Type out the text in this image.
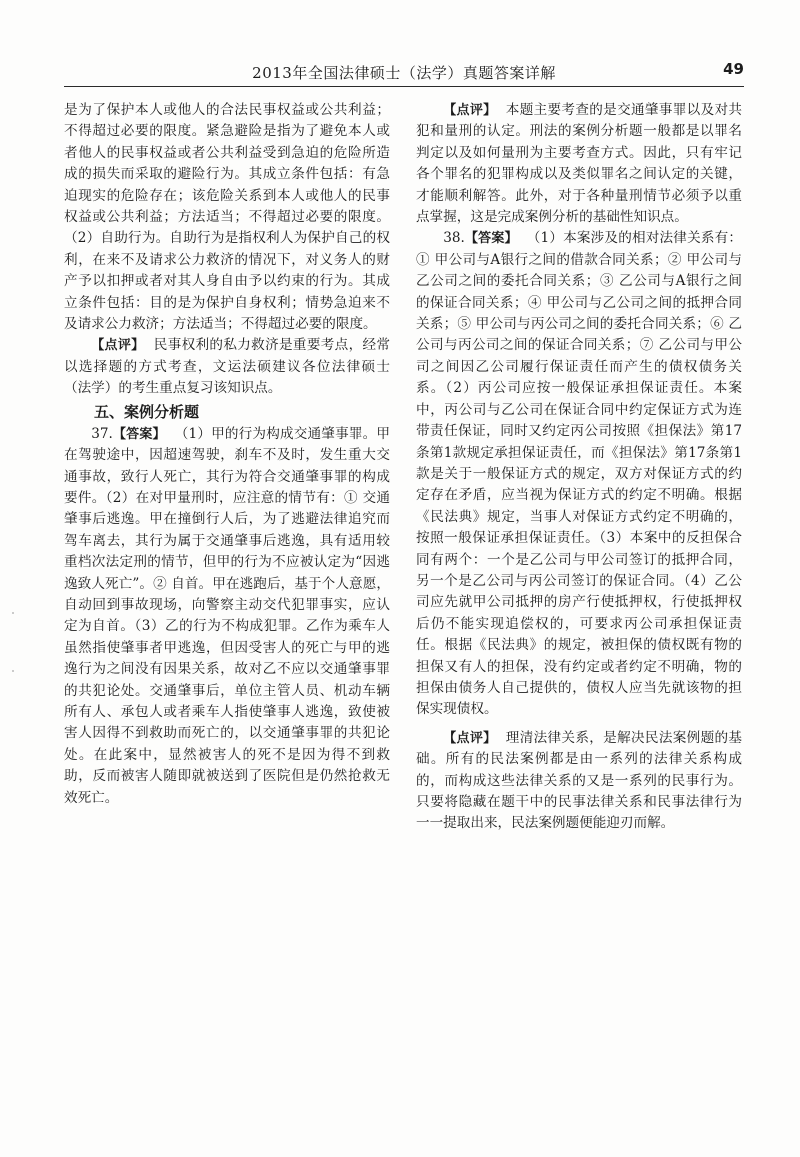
2013年全国法律硕士（法学）真题答案详解	49

是为了保护本人或他人的合法民事权益或公共利益；不得超过必要的限度。紧急避险是指为了避免本人或者他人的民事权益或者公共利益受到急迫的危险所造成的损失而采取的避险行为。其成立条件包括：有急迫现实的危险存在；该危险关系到本人或他人的民事权益或公共利益；方法适当；不得超过必要的限度。（2）自助行为。自助行为是指权利人为保护自己的权利，在来不及请求公力救济的情况下，对义务人的财产予以扣押或者对其人身自由予以约束的行为。其成立条件包括：目的是为保护自身权利；情势急迫来不及请求公力救济；方法适当；不得超过必要的限度。

【点评】 民事权利的私力救济是重要考点，经常以选择题的方式考查，文运法硕建议各位法律硕士（法学）的考生重点复习该知识点。

五、案例分析题

37.【答案】 （1）甲的行为构成交通肇事罪。甲在驾驶途中，因超速驾驶，刹车不及时，发生重大交通事故，致行人死亡，其行为符合交通肇事罪的构成要件。（2）在对甲量刑时，应注意的情节有：① 交通肇事后逃逸。甲在撞倒行人后，为了逃避法律追究而驾车离去，其行为属于交通肇事后逃逸，具有适用较重档次法定刑的情节，但甲的行为不应被认定为“因逃逸致人死亡”。② 自首。甲在逃跑后，基于个人意愿，自动回到事故现场，向警察主动交代犯罪事实，应认定为自首。（3）乙的行为不构成犯罪。乙作为乘车人虽然指使肇事者甲逃逸，但因受害人的死亡与甲的逃逸行为之间没有因果关系，故对乙不应以交通肇事罪的共犯论处。交通肇事后，单位主管人员、机动车辆所有人、承包人或者乘车人指使肇事人逃逸，致使被害人因得不到救助而死亡的，以交通肇事罪的共犯论处。在此案中，显然被害人的死不是因为得不到救助，反而被害人随即就被送到了医院但是仍然抢救无效死亡。

【点评】 本题主要考查的是交通肇事罪以及对共犯和量刑的认定。刑法的案例分析题一般都是以罪名判定以及如何量刑为主要考查方式。因此，只有牢记各个罪名的犯罪构成以及类似罪名之间认定的关键，才能顺利解答。此外，对于各种量刑情节必须予以重点掌握，这是完成案例分析的基础性知识点。

38.【答案】 （1）本案涉及的相对法律关系有：① 甲公司与A银行之间的借款合同关系；② 甲公司与乙公司之间的委托合同关系；③ 乙公司与A银行之间的保证合同关系；④ 甲公司与乙公司之间的抵押合同关系；⑤ 甲公司与丙公司之间的委托合同关系；⑥ 乙公司与丙公司之间的保证合同关系；⑦ 乙公司与甲公司之间因乙公司履行保证责任而产生的债权债务关系。（2）丙公司应按一般保证承担保证责任。本案中，丙公司与乙公司在保证合同中约定保证方式为连带责任保证，同时又约定丙公司按照《担保法》第17条第1款规定承担保证责任，而《担保法》第17条第1款是关于一般保证方式的规定，双方对保证方式的约定存在矛盾，应当视为保证方式的约定不明确。根据《民法典》规定，当事人对保证方式约定不明确的，按照一般保证承担保证责任。（3）本案中的反担保合同有两个：一个是乙公司与甲公司签订的抵押合同，另一个是乙公司与丙公司签订的保证合同。（4）乙公司应先就甲公司抵押的房产行使抵押权，行使抵押权后仍不能实现追偿权的，可要求丙公司承担保证责任。根据《民法典》的规定，被担保的债权既有物的担保又有人的担保，没有约定或者约定不明确，物的担保由债务人自己提供的，债权人应当先就该物的担保实现债权。

【点评】 理清法律关系，是解决民法案例题的基础。所有的民法案例都是由一系列的法律关系构成的，而构成这些法律关系的又是一系列的民事行为。只要将隐藏在题干中的民事法律关系和民事法律行为一一提取出来，民法案例题便能迎刃而解。
